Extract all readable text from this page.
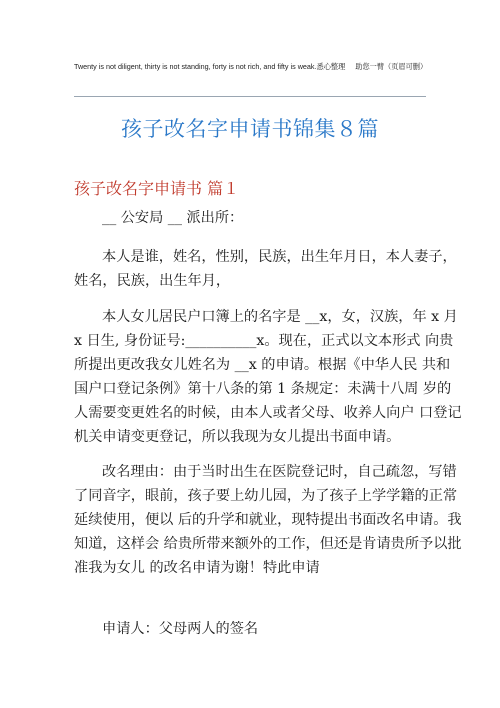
Twenty is not diligent, thirty is not standing, forty is not rich, and fifty is weak.悉心整理 助您一臂（页眉可删）
孩子改名字申请书锦集８篇
孩子改名字申请书 篇１
__ 公安局 __ 派出所：
本人是谁，姓名，性别，民族，出生年月日，本人妻子，
姓名，民族，出生年月，
本人女儿居民户口簿上的名字是 __x，女，汉族，年 x 月
x 日生, 身份证号:__________x。现在，正式以文本形式 向贵
所提出更改我女儿姓名为 __x 的申请。根据《中华人民 共和
国户口登记条例》第十八条的第 1 条规定：未满十八周 岁的
人需要变更姓名的时候，由本人或者父母、收养人向户 口登记
机关申请变更登记，所以我现为女儿提出书面申请。
改名理由：由于当时出生在医院登记时，自己疏忽，写错
了同音字，眼前，孩子要上幼儿园，为了孩子上学学籍的正常
延续使用，便以 后的升学和就业，现特提出书面改名申请。我
知道，这样会 给贵所带来额外的工作，但还是肯请贵所予以批
准我为女儿 的改名申请为谢！特此申请
申请人：父母两人的签名
